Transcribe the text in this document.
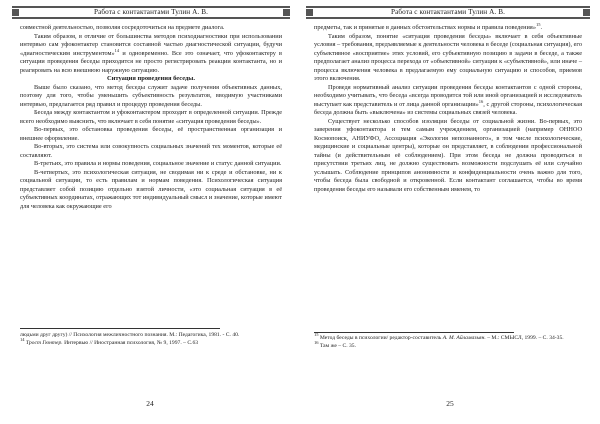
Работа с контактантами Тулин А. В.

совместной деятельностью, позволяя сосредоточиться на предмете диалога.

Таким образом, в отличие от большинства методов психодиагностики при использовании интервью сам уфоконтактер становится составной частью диагностической ситуации, будучи «диагностическим инструментом»$^{14}$ и одновременно. Все это означает, что уфоконтактеру в ситуации проведения беседы приходится не просто регистрировать реакции контактанта, но и реагировать на всю внешнюю наружную ситуацию.

Ситуация проведения беседы.

Выше было сказано, что метод беседы служит задаче получения объективных данных, поэтому для того, чтобы уменьшить субъективность результатов, вводимую участниками интервью, предлагается ряд правил и процедур проведения беседы.

Беседа между контактантом и уфоконтактером проходит в определенной ситуации. Прежде всего необходимо выяснить, что включает в себя понятие «ситуация проведения беседы».

Во-первых, это обстановка проведения беседы, её пространственная организация и внешнее оформление.

Во-вторых, это система или совокупность социальных значений тех моментов, которые её составляют.

В-третьих, это правила и нормы поведения, социальное значение и статус данной ситуации.

В-четвертых, это психологическая ситуация, не сводимая ни к среде и обстановке, ни к социальной ситуации, то есть правилам и нормам поведения. Психологическая ситуация представляет собой позицию отдельно взятой личности, «это социальная ситуация в её субъективных координатах, отражающих тот индивидуальный смысл и значение, которые имеют для человека как окружающие его

людьми друг другу) // Психология межличностного познания. М.: Педагогика, 1981. - С. 40.

$^{14}$ Трост Гюнтер. Интервью // Иностранная психология, № 9, 1997. – С.63

24
Работа с контактантами Тулин А. В.

предметы, так и принятые в данных обстоятельствах нормы и правила поведения»$^{15}$.

Таким образом, понятие «ситуация проведения беседы» включает в себя объективные условия – требования, предъявляемые к деятельности человека в беседе (социальная ситуация), его субъективное «восприятие» этих условий, его субъективную позицию в задачи в беседе, а также предполагает анализ процесса перехода от «объективной» ситуации к «субъективной», или иначе – процесса включения человека в предлагаемую ему социальную ситуацию и способов, приемов этого включения.

Проведя нормативный анализ ситуации проведения беседы контактантов с одной стороны, необходимо учитывать, что беседа «всегда проводится той или иной организацией и исследователь выступает как представитель и от лица данной организации»$^{16}$, с другой стороны, психологическая беседа должна быть «выключена» из системы социальных связей человека.

Существует несколько способов изоляции беседы от социальной жизни. Во-первых, это заверения уфоконтактора и тем самым учреждением, организацией (например ОННОО Космопоиск, АНИУФО, Ассоциация «Экология непознанного», в том числе психологические, медицинские и социальные центры), которые он представляет, в соблюдении профессиональной тайны (и действительным её соблюдением). При этом беседа не должна проводиться в присутствии третьих лиц, не должно существовать возможности подслушать её или случайно услышать. Соблюдение принципов анонимности и конфиденциальности очень важно для того, чтобы беседа была свободной и откровенной. Если контактант соглашается, чтобы во время проведения беседы его называли его собственным именем, то

$^{15}$ Метод беседы в психологии/ редактор-составитель А. М. Айламазьян. – М.: СМЫСЛ, 1999. – С. 34-35.

$^{16}$ Там же – С. 35.

25
